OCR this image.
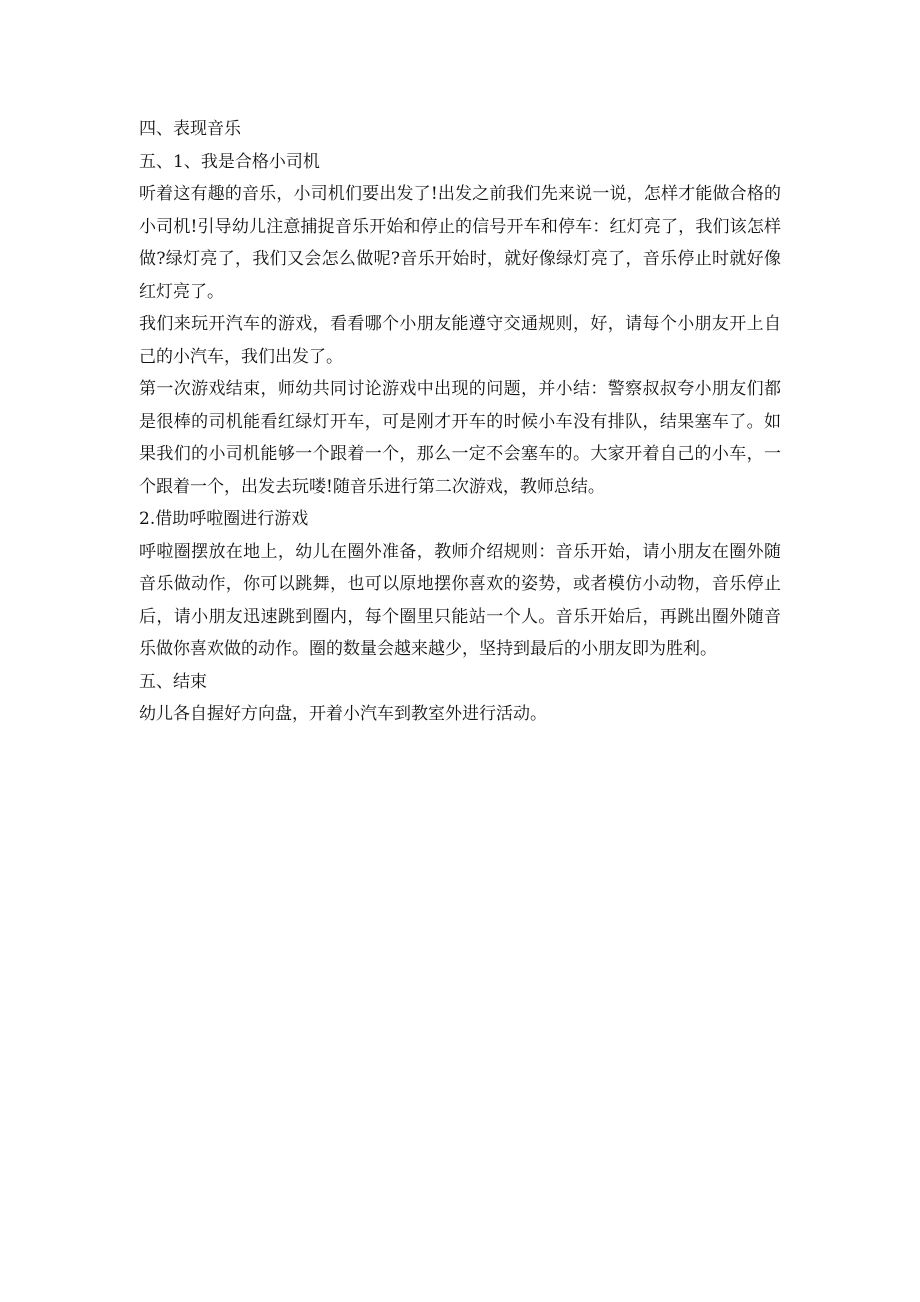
四、表现音乐

五、1、我是合格小司机

听着这有趣的音乐，小司机们要出发了!出发之前我们先来说一说，怎样才能做合格的小司机!引导幼儿注意捕捉音乐开始和停止的信号开车和停车：红灯亮了，我们该怎样做?绿灯亮了，我们又会怎么做呢?音乐开始时，就好像绿灯亮了，音乐停止时就好像红灯亮了。

我们来玩开汽车的游戏，看看哪个小朋友能遵守交通规则，好，请每个小朋友开上自己的小汽车，我们出发了。

第一次游戏结束，师幼共同讨论游戏中出现的问题，并小结：警察叔叔夸小朋友们都是很棒的司机能看红绿灯开车，可是刚才开车的时候小车没有排队，结果塞车了。如果我们的小司机能够一个跟着一个，那么一定不会塞车的。大家开着自己的小车，一个跟着一个，出发去玩喽!随音乐进行第二次游戏，教师总结。

2.借助呼啦圈进行游戏

呼啦圈摆放在地上，幼儿在圈外准备，教师介绍规则：音乐开始，请小朋友在圈外随音乐做动作，你可以跳舞，也可以原地摆你喜欢的姿势，或者模仿小动物，音乐停止后，请小朋友迅速跳到圈内，每个圈里只能站一个人。音乐开始后，再跳出圈外随音乐做你喜欢做的动作。圈的数量会越来越少，坚持到最后的小朋友即为胜利。

五、结束

幼儿各自握好方向盘，开着小汽车到教室外进行活动。
